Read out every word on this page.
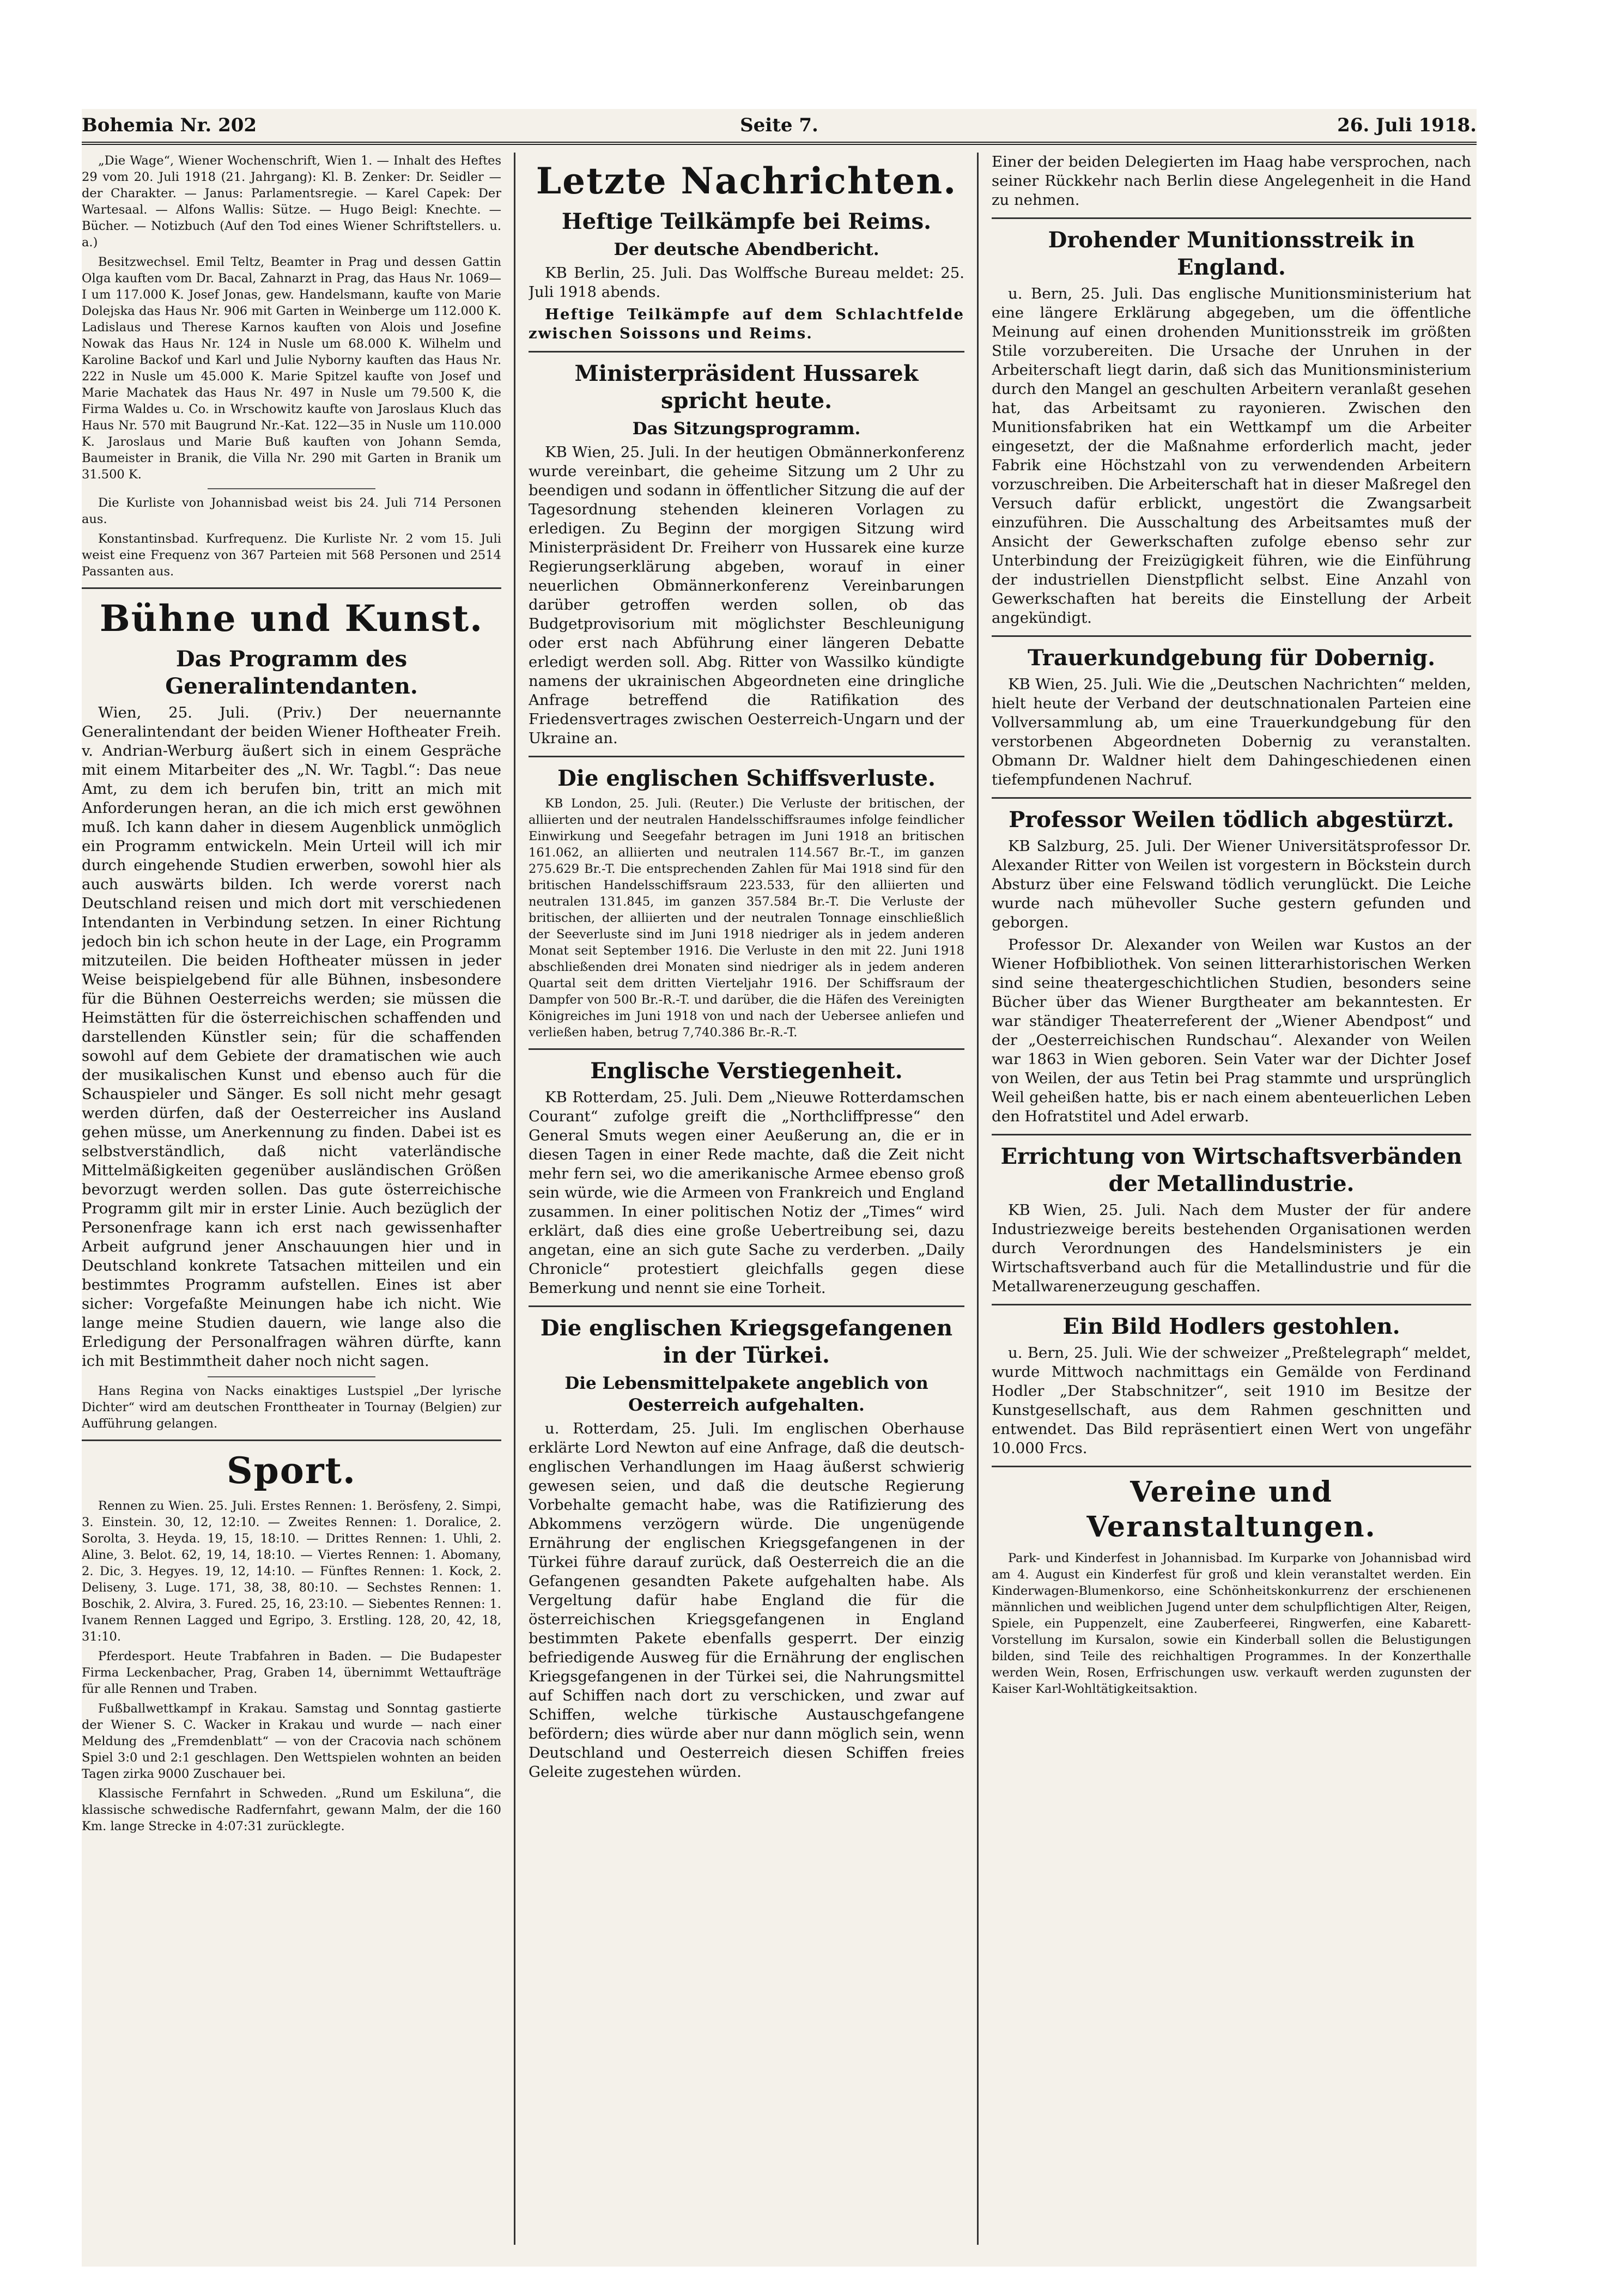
Bohemia Nr. 202	Seite 7.	26. Juli 1918.

„Die Wage“, Wiener Wochenschrift, Wien 1. — Inhalt des Heftes 29 vom 20. Juli 1918 (21. Jahrgang): Kl. B. Zenker: Dr. Seidler — der Charakter. — Janus: Parlamentsregie. — Karel Capek: Der Wartesaal. — Alfons Wallis: Sütze. — Hugo Beigl: Knechte. — Bücher. — Notizbuch (Auf den Tod eines Wiener Schriftstellers. u. a.)

Besitzwechsel. Emil Teltz, Beamter in Prag und dessen Gattin Olga kauften vom Dr. Bacal, Zahnarzt in Prag, das Haus Nr. 1069—I um 117.000 K. Josef Jonas, gew. Handelsmann, kaufte von Marie Dolejska das Haus Nr. 906 mit Garten in Weinberge um 112.000 K. Ladislaus und Therese Karnos kauften von Alois und Josefine Nowak das Haus Nr. 124 in Nusle um 68.000 K. Wilhelm und Karoline Backof und Karl und Julie Nyborny kauften das Haus Nr. 222 in Nusle um 45.000 K. Marie Spitzel kaufte von Josef und Marie Machatek das Haus Nr. 497 in Nusle um 79.500 K, die Firma Waldes u. Co. in Wrschowitz kaufte von Jaroslaus Kluch das Haus Nr. 570 mit Baugrund Nr.-Kat. 122—35 in Nusle um 110.000 K. Jaroslaus und Marie Buß kauften von Johann Semda, Baumeister in Branik, die Villa Nr. 290 mit Garten in Branik um 31.500 K.

Die Kurliste von Johannisbad weist bis 24. Juli 714 Personen aus.

Konstantinsbad. Kurfrequenz. Die Kurliste Nr. 2 vom 15. Juli weist eine Frequenz von 367 Parteien mit 568 Personen und 2514 Passanten aus.

Bühne und Kunst.
Das Programm des Generalintendanten.

Wien, 25. Juli. (Priv.) Der neuernannte Generalintendant der beiden Wiener Hoftheater Freih. v. Andrian-Werburg äußert sich in einem Gespräche mit einem Mitarbeiter des „N. Wr. Tagbl.“: Das neue Amt, zu dem ich berufen bin, tritt an mich mit Anforderungen heran, an die ich mich erst gewöhnen muß. Ich kann daher in diesem Augenblick unmöglich ein Programm entwickeln. Mein Urteil will ich mir durch eingehende Studien erwerben, sowohl hier als auch auswärts bilden. Ich werde vorerst nach Deutschland reisen und mich dort mit verschiedenen Intendanten in Verbindung setzen. In einer Richtung jedoch bin ich schon heute in der Lage, ein Programm mitzuteilen. Die beiden Hoftheater müssen in jeder Weise beispielgebend für alle Bühnen, insbesondere für die Bühnen Oesterreichs werden; sie müssen die Heimstätten für die österreichischen schaffenden und darstellenden Künstler sein; für die schaffenden sowohl auf dem Gebiete der dramatischen wie auch der musikalischen Kunst und ebenso auch für die Schauspieler und Sänger. Es soll nicht mehr gesagt werden dürfen, daß der Oesterreicher ins Ausland gehen müsse, um Anerkennung zu finden. Dabei ist es selbstverständlich, daß nicht vaterländische Mittelmäßigkeiten gegenüber ausländischen Größen bevorzugt werden sollen. Das gute österreichische Programm gilt mir in erster Linie. Auch bezüglich der Personenfrage kann ich erst nach gewissenhafter Arbeit aufgrund jener Anschauungen hier und in Deutschland konkrete Tatsachen mitteilen und ein bestimmtes Programm aufstellen. Eines ist aber sicher: Vorgefaßte Meinungen habe ich nicht. Wie lange meine Studien dauern, wie lange also die Erledigung der Personalfragen währen dürfte, kann ich mit Bestimmtheit daher noch nicht sagen.

Hans Regina von Nacks einaktiges Lustspiel „Der lyrische Dichter“ wird am deutschen Fronttheater in Tournay (Belgien) zur Aufführung gelangen.

Sport.

Rennen zu Wien. 25. Juli. Erstes Rennen: 1. Berösfeny, 2. Simpi, 3. Einstein. 30, 12, 12:10. — Zweites Rennen: 1. Doralice, 2. Sorolta, 3. Heyda. 19, 15, 18:10. — Drittes Rennen: 1. Uhli, 2. Aline, 3. Belot. 62, 19, 14, 18:10. — Viertes Rennen: 1. Abomany, 2. Dic, 3. Hegyes. 19, 12, 14:10. — Fünftes Rennen: 1. Kock, 2. Deliseny, 3. Luge. 171, 38, 38, 80:10. — Sechstes Rennen: 1. Boschik, 2. Alvira, 3. Fured. 25, 16, 23:10. — Siebentes Rennen: 1. Ivanem Rennen Lagged und Egripo, 3. Erstling. 128, 20, 42, 18, 31:10.

Pferdesport. Heute Trabfahren in Baden. — Die Budapester Firma Leckenbacher, Prag, Graben 14, übernimmt Wettaufträge für alle Rennen und Traben.

Fußballwettkampf in Krakau. Samstag und Sonntag gastierte der Wiener S. C. Wacker in Krakau und wurde — nach einer Meldung des „Fremdenblatt“ — von der Cracovia nach schönem Spiel 3:0 und 2:1 geschlagen. Den Wettspielen wohnten an beiden Tagen zirka 9000 Zuschauer bei.

Klassische Fernfahrt in Schweden. „Rund um Eskiluna“, die klassische schwedische Radfernfahrt, gewann Malm, der die 160 Km. lange Strecke in 4:07:31 zurücklegte.

Letzte Nachrichten.
Heftige Teilkämpfe bei Reims.
Der deutsche Abendbericht.

KB Berlin, 25. Juli. Das Wolffsche Bureau meldet: 25. Juli 1918 abends.

Heftige Teilkämpfe auf dem Schlachtfelde zwischen Soissons und Reims.

Ministerpräsident Hussarek spricht heute.
Das Sitzungsprogramm.

KB Wien, 25. Juli. In der heutigen Obmännerkonferenz wurde vereinbart, die geheime Sitzung um 2 Uhr zu beendigen und sodann in öffentlicher Sitzung die auf der Tagesordnung stehenden kleineren Vorlagen zu erledigen. Zu Beginn der morgigen Sitzung wird Ministerpräsident Dr. Freiherr von Hussarek eine kurze Regierungserklärung abgeben, worauf in einer neuerlichen Obmännerkonferenz Vereinbarungen darüber getroffen werden sollen, ob das Budgetprovisorium mit möglichster Beschleunigung oder erst nach Abführung einer längeren Debatte erledigt werden soll. Abg. Ritter von Wassilko kündigte namens der ukrainischen Abgeordneten eine dringliche Anfrage betreffend die Ratifikation des Friedensvertrages zwischen Oesterreich-Ungarn und der Ukraine an.

Die englischen Schiffsverluste.

KB London, 25. Juli. (Reuter.) Die Verluste der britischen, der alliierten und der neutralen Handelsschiffsraumes infolge feindlicher Einwirkung und Seegefahr betragen im Juni 1918 an britischen 161.062, an alliierten und neutralen 114.567 Br.-T., im ganzen 275.629 Br.-T. Die entsprechenden Zahlen für Mai 1918 sind für den britischen Handelsschiffsraum 223.533, für den alliierten und neutralen 131.845, im ganzen 357.584 Br.-T. Die Verluste der britischen, der alliierten und der neutralen Tonnage einschließlich der Seeverluste sind im Juni 1918 niedriger als in jedem anderen Monat seit September 1916. Die Verluste in den mit 22. Juni 1918 abschließenden drei Monaten sind niedriger als in jedem anderen Quartal seit dem dritten Vierteljahr 1916. Der Schiffsraum der Dampfer von 500 Br.-R.-T. und darüber, die die Häfen des Vereinigten Königreiches im Juni 1918 von und nach der Uebersee anliefen und verließen haben, betrug 7,740.386 Br.-R.-T.

Englische Verstiegenheit.

KB Rotterdam, 25. Juli. Dem „Nieuwe Rotterdamschen Courant“ zufolge greift die „Northcliffpresse“ den General Smuts wegen einer Aeußerung an, die er in diesen Tagen in einer Rede machte, daß die Zeit nicht mehr fern sei, wo die amerikanische Armee ebenso groß sein würde, wie die Armeen von Frankreich und England zusammen. In einer politischen Notiz der „Times“ wird erklärt, daß dies eine große Uebertreibung sei, dazu angetan, eine an sich gute Sache zu verderben. „Daily Chronicle“ protestiert gleichfalls gegen diese Bemerkung und nennt sie eine Torheit.

Die englischen Kriegsgefangenen in der Türkei.
Die Lebensmittelpakete angeblich von Oesterreich aufgehalten.

u. Rotterdam, 25. Juli. Im englischen Oberhause erklärte Lord Newton auf eine Anfrage, daß die deutsch-englischen Verhandlungen im Haag äußerst schwierig gewesen seien, und daß die deutsche Regierung Vorbehalte gemacht habe, was die Ratifizierung des Abkommens verzögern würde. Die ungenügende Ernährung der englischen Kriegsgefangenen in der Türkei führe darauf zurück, daß Oesterreich die an die Gefangenen gesandten Pakete aufgehalten habe. Als Vergeltung dafür habe England die für die österreichischen Kriegsgefangenen in England bestimmten Pakete ebenfalls gesperrt. Der einzig befriedigende Ausweg für die Ernährung der englischen Kriegsgefangenen in der Türkei sei, die Nahrungsmittel auf Schiffen nach dort zu verschicken, und zwar auf Schiffen, welche türkische Austauschgefangene befördern; dies würde aber nur dann möglich sein, wenn Deutschland und Oesterreich diesen Schiffen freies Geleite zugestehen würden.

Einer der beiden Delegierten im Haag habe versprochen, nach seiner Rückkehr nach Berlin diese Angelegenheit in die Hand zu nehmen.

Drohender Munitionsstreik in England.

u. Bern, 25. Juli. Das englische Munitionsministerium hat eine längere Erklärung abgegeben, um die öffentliche Meinung auf einen drohenden Munitionsstreik im größten Stile vorzubereiten. Die Ursache der Unruhen in der Arbeiterschaft liegt darin, daß sich das Munitionsministerium durch den Mangel an geschulten Arbeitern veranlaßt gesehen hat, das Arbeitsamt zu rayonieren. Zwischen den Munitionsfabriken hat ein Wettkampf um die Arbeiter eingesetzt, der die Maßnahme erforderlich macht, jeder Fabrik eine Höchstzahl von zu verwendenden Arbeitern vorzuschreiben. Die Arbeiterschaft hat in dieser Maßregel den Versuch dafür erblickt, ungestört die Zwangsarbeit einzuführen. Die Ausschaltung des Arbeitsamtes muß der Ansicht der Gewerkschaften zufolge ebenso sehr zur Unterbindung der Freizügigkeit führen, wie die Einführung der industriellen Dienstpflicht selbst. Eine Anzahl von Gewerkschaften hat bereits die Einstellung der Arbeit angekündigt.

Trauerkundgebung für Dobernig.

KB Wien, 25. Juli. Wie die „Deutschen Nachrichten“ melden, hielt heute der Verband der deutschnationalen Parteien eine Vollversammlung ab, um eine Trauerkundgebung für den verstorbenen Abgeordneten Dobernig zu veranstalten. Obmann Dr. Waldner hielt dem Dahingeschiedenen einen tiefempfundenen Nachruf.

Professor Weilen tödlich abgestürzt.

KB Salzburg, 25. Juli. Der Wiener Universitätsprofessor Dr. Alexander Ritter von Weilen ist vorgestern in Böckstein durch Absturz über eine Felswand tödlich verunglückt. Die Leiche wurde nach mühevoller Suche gestern gefunden und geborgen.

Professor Dr. Alexander von Weilen war Kustos an der Wiener Hofbibliothek. Von seinen litterarhistorischen Werken sind seine theatergeschichtlichen Studien, besonders seine Bücher über das Wiener Burgtheater am bekanntesten. Er war ständiger Theaterreferent der „Wiener Abendpost“ und der „Oesterreichischen Rundschau“. Alexander von Weilen war 1863 in Wien geboren. Sein Vater war der Dichter Josef von Weilen, der aus Tetin bei Prag stammte und ursprünglich Weil geheißen hatte, bis er nach einem abenteuerlichen Leben den Hofratstitel und Adel erwarb.

Errichtung von Wirtschaftsverbänden der Metallindustrie.

KB Wien, 25. Juli. Nach dem Muster der für andere Industriezweige bereits bestehenden Organisationen werden durch Verordnungen des Handelsministers je ein Wirtschaftsverband auch für die Metallindustrie und für die Metallwarenerzeugung geschaffen.

Ein Bild Hodlers gestohlen.

u. Bern, 25. Juli. Wie der schweizer „Preßtelegraph“ meldet, wurde Mittwoch nachmittags ein Gemälde von Ferdinand Hodler „Der Stabschnitzer“, seit 1910 im Besitze der Kunstgesellschaft, aus dem Rahmen geschnitten und entwendet. Das Bild repräsentiert einen Wert von ungefähr 10.000 Frcs.

Vereine und Veranstaltungen.

Park- und Kinderfest in Johannisbad. Im Kurparke von Johannisbad wird am 4. August ein Kinderfest für groß und klein veranstaltet werden. Ein Kinderwagen-Blumenkorso, eine Schönheitskonkurrenz der erschienenen männlichen und weiblichen Jugend unter dem schulpflichtigen Alter, Reigen, Spiele, ein Puppenzelt, eine Zauberfeerei, Ringwerfen, eine Kabarett-Vorstellung im Kursalon, sowie ein Kinderball sollen die Belustigungen bilden, sind Teile des reichhaltigen Programmes. In der Konzerthalle werden Wein, Rosen, Erfrischungen usw. verkauft werden zugunsten der Kaiser Karl-Wohltätigkeitsaktion.
